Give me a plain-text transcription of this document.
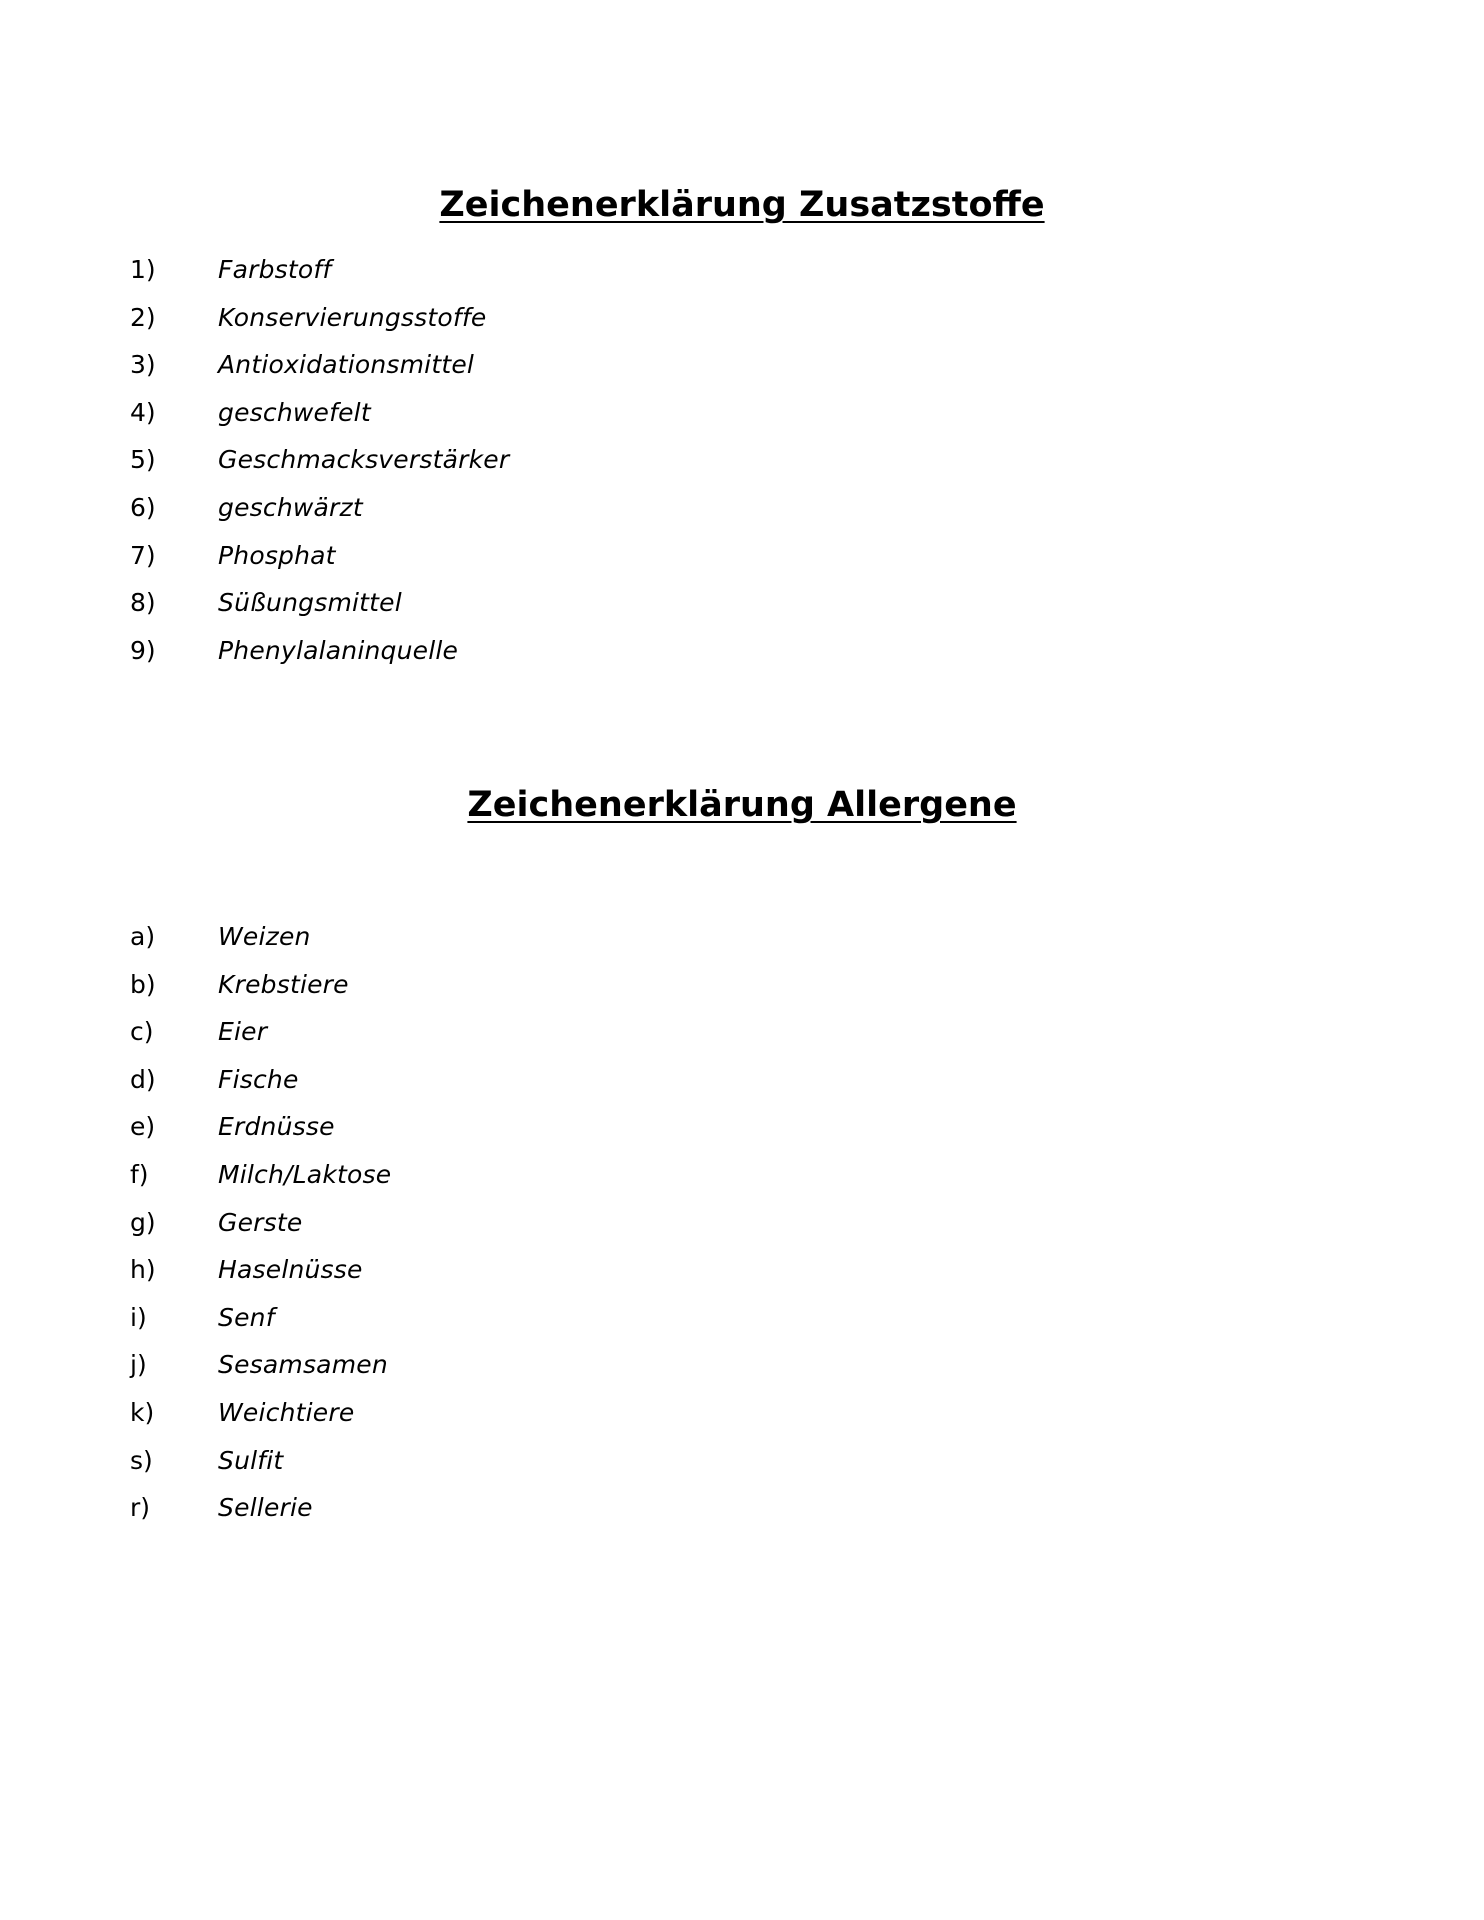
Zeichenerklärung Zusatzstoffe
1)	Farbstoff
2)	Konservierungsstoffe
3)	Antioxidationsmittel
4)	geschwefelt
5)	Geschmacksverstärker
6)	geschwärzt
7)	Phosphat
8)	Süßungsmittel
9)	Phenylalaninquelle
Zeichenerklärung Allergene
a)	Weizen
b)	Krebstiere
c)	Eier
d)	Fische
e)	Erdnüsse
f)	Milch/Laktose
g)	Gerste
h)	Haselnüsse
i)	Senf
j)	Sesamsamen
k)	Weichtiere
s)	Sulfit
r)	Sellerie
